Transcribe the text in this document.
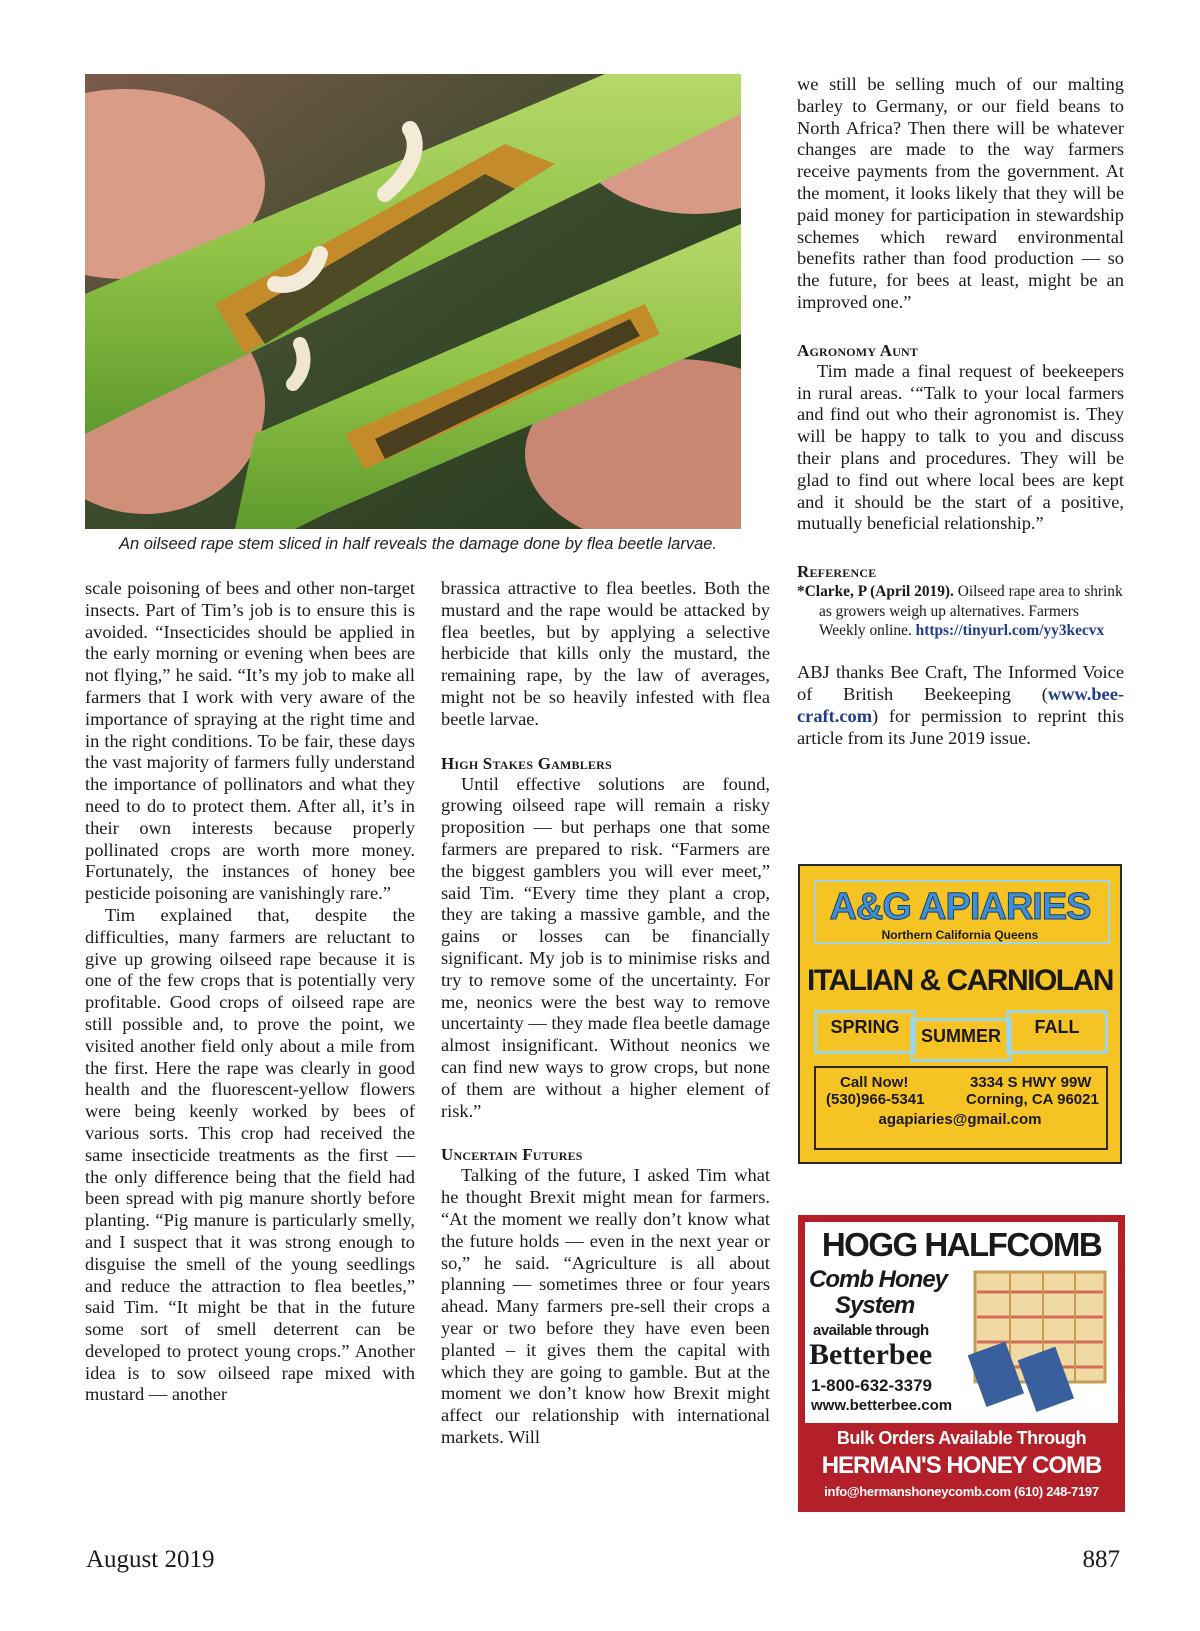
An oilseed rape stem sliced in half reveals the damage done by flea beetle larvae.

scale poisoning of bees and other non-target insects. Part of Tim’s job is to ensure this is avoided. “Insecticides should be applied in the early morning or evening when bees are not flying,” he said. “It’s my job to make all farmers that I work with very aware of the importance of spraying at the right time and in the right conditions. To be fair, these days the vast majority of farmers fully understand the importance of pollinators and what they need to do to protect them. After all, it’s in their own interests because properly pollinated crops are worth more money. Fortunately, the instances of honey bee pesticide poisoning are vanishingly rare.”

Tim explained that, despite the difficulties, many farmers are reluctant to give up growing oilseed rape because it is one of the few crops that is potentially very profitable. Good crops of oilseed rape are still possible and, to prove the point, we visited another field only about a mile from the first. Here the rape was clearly in good health and the fluorescent-yellow flowers were being keenly worked by bees of various sorts. This crop had received the same insecticide treatments as the first — the only difference being that the field had been spread with pig manure shortly before planting. “Pig manure is particularly smelly, and I suspect that it was strong enough to disguise the smell of the young seedlings and reduce the attraction to flea beetles,” said Tim. “It might be that in the future some sort of smell deterrent can be developed to protect young crops.” Another idea is to sow oilseed rape mixed with mustard — another

brassica attractive to flea beetles. Both the mustard and the rape would be attacked by flea beetles, but by applying a selective herbicide that kills only the mustard, the remaining rape, by the law of averages, might not be so heavily infested with flea beetle larvae.

High Stakes Gamblers

Until effective solutions are found, growing oilseed rape will remain a risky proposition — but perhaps one that some farmers are prepared to risk. “Farmers are the biggest gamblers you will ever meet,” said Tim. “Every time they plant a crop, they are taking a massive gamble, and the gains or losses can be financially significant. My job is to minimise risks and try to remove some of the uncertainty. For me, neonics were the best way to remove uncertainty — they made flea beetle damage almost insignificant. Without neonics we can find new ways to grow crops, but none of them are without a higher element of risk.”

Uncertain Futures

Talking of the future, I asked Tim what he thought Brexit might mean for farmers. “At the moment we really don’t know what the future holds — even in the next year or so,” he said. “Agriculture is all about planning — sometimes three or four years ahead. Many farmers pre-sell their crops a year or two before they have even been planted – it gives them the capital with which they are going to gamble. But at the moment we don’t know how Brexit might affect our relationship with international markets. Will

we still be selling much of our malting barley to Germany, or our field beans to North Africa? Then there will be whatever changes are made to the way farmers receive payments from the government. At the moment, it looks likely that they will be paid money for participation in stewardship schemes which reward environmental benefits rather than food production — so the future, for bees at least, might be an improved one.”

Agronomy Aunt

Tim made a final request of beekeepers in rural areas. ‘“Talk to your local farmers and find out who their agronomist is. They will be happy to talk to you and discuss their plans and procedures. They will be glad to find out where local bees are kept and it should be the start of a positive, mutually beneficial relationship.”

Reference
*Clarke, P (April 2019). Oilseed rape area to shrink as growers weigh up alternatives. Farmers Weekly online. https://tinyurl.com/yy3kecvx

ABJ thanks Bee Craft, The Informed Voice of British Beekeeping (www.bee-craft.com) for permission to reprint this article from its June 2019 issue.

A&G APIARIES
Northern California Queens
ITALIAN & CARNIOLAN
SPRING	SUMMER	FALL
Call Now!
(530)966-5341
3334 S HWY 99W
Corning, CA 96021
agapiaries@gmail.com
HOGG HALFCOMB
Comb Honey
System
available through
Betterbee
1-800-632-3379
www.betterbee.com
Bulk Orders Available Through
HERMAN'S HONEY COMB
info@hermanshoneycomb.com (610) 248-7197
August 2019	887
